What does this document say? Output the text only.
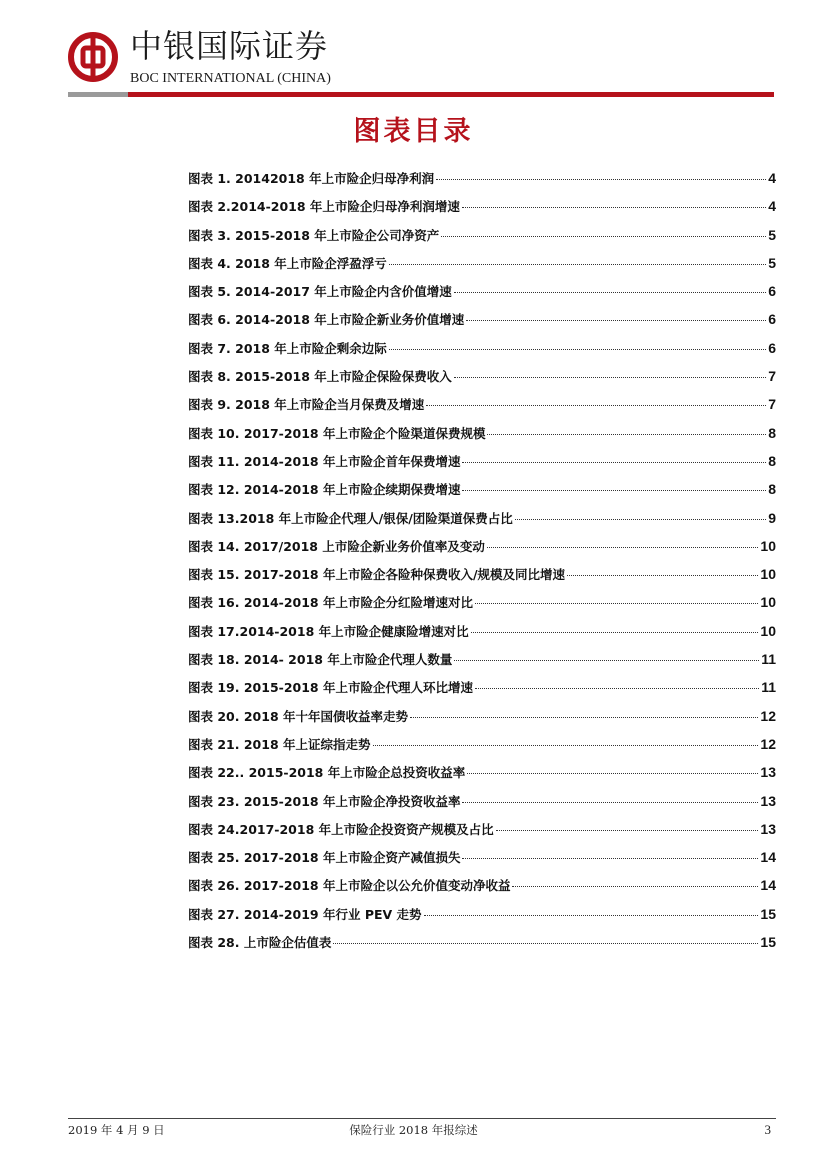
中银国际证券
BOC INTERNATIONAL (CHINA)
图表目录
图表 1. 20142018 年上市险企归母净利润	4
图表 2.2014-2018 年上市险企归母净利润增速	4
图表 3. 2015-2018 年上市险企公司净资产	5
图表 4. 2018 年上市险企浮盈浮亏	5
图表 5. 2014-2017 年上市险企内含价值增速	6
图表 6. 2014-2018 年上市险企新业务价值增速	6
图表 7. 2018 年上市险企剩余边际	6
图表 8. 2015-2018 年上市险企保险保费收入	7
图表 9. 2018 年上市险企当月保费及增速	7
图表 10. 2017-2018 年上市险企个险渠道保费规模	8
图表 11. 2014-2018 年上市险企首年保费增速	8
图表 12. 2014-2018 年上市险企续期保费增速	8
图表 13.2018 年上市险企代理人/银保/团险渠道保费占比	9
图表 14. 2017/2018 上市险企新业务价值率及变动	10
图表 15. 2017-2018 年上市险企各险种保费收入/规模及同比增速	10
图表 16. 2014-2018 年上市险企分红险增速对比	10
图表 17.2014-2018 年上市险企健康险增速对比	10
图表 18. 2014- 2018 年上市险企代理人数量	11
图表 19. 2015-2018 年上市险企代理人环比增速	11
图表 20. 2018 年十年国债收益率走势	12
图表 21. 2018 年上证综指走势	12
图表 22.. 2015-2018 年上市险企总投资收益率	13
图表 23. 2015-2018 年上市险企净投资收益率	13
图表 24.2017-2018 年上市险企投资资产规模及占比	13
图表 25. 2017-2018 年上市险企资产减值损失	14
图表 26. 2017-2018 年上市险企以公允价值变动净收益	14
图表 27. 2014-2019 年行业 PEV 走势	15
图表 28. 上市险企估值表	15
2019 年 4 月 9 日	保险行业 2018 年报综述	3
